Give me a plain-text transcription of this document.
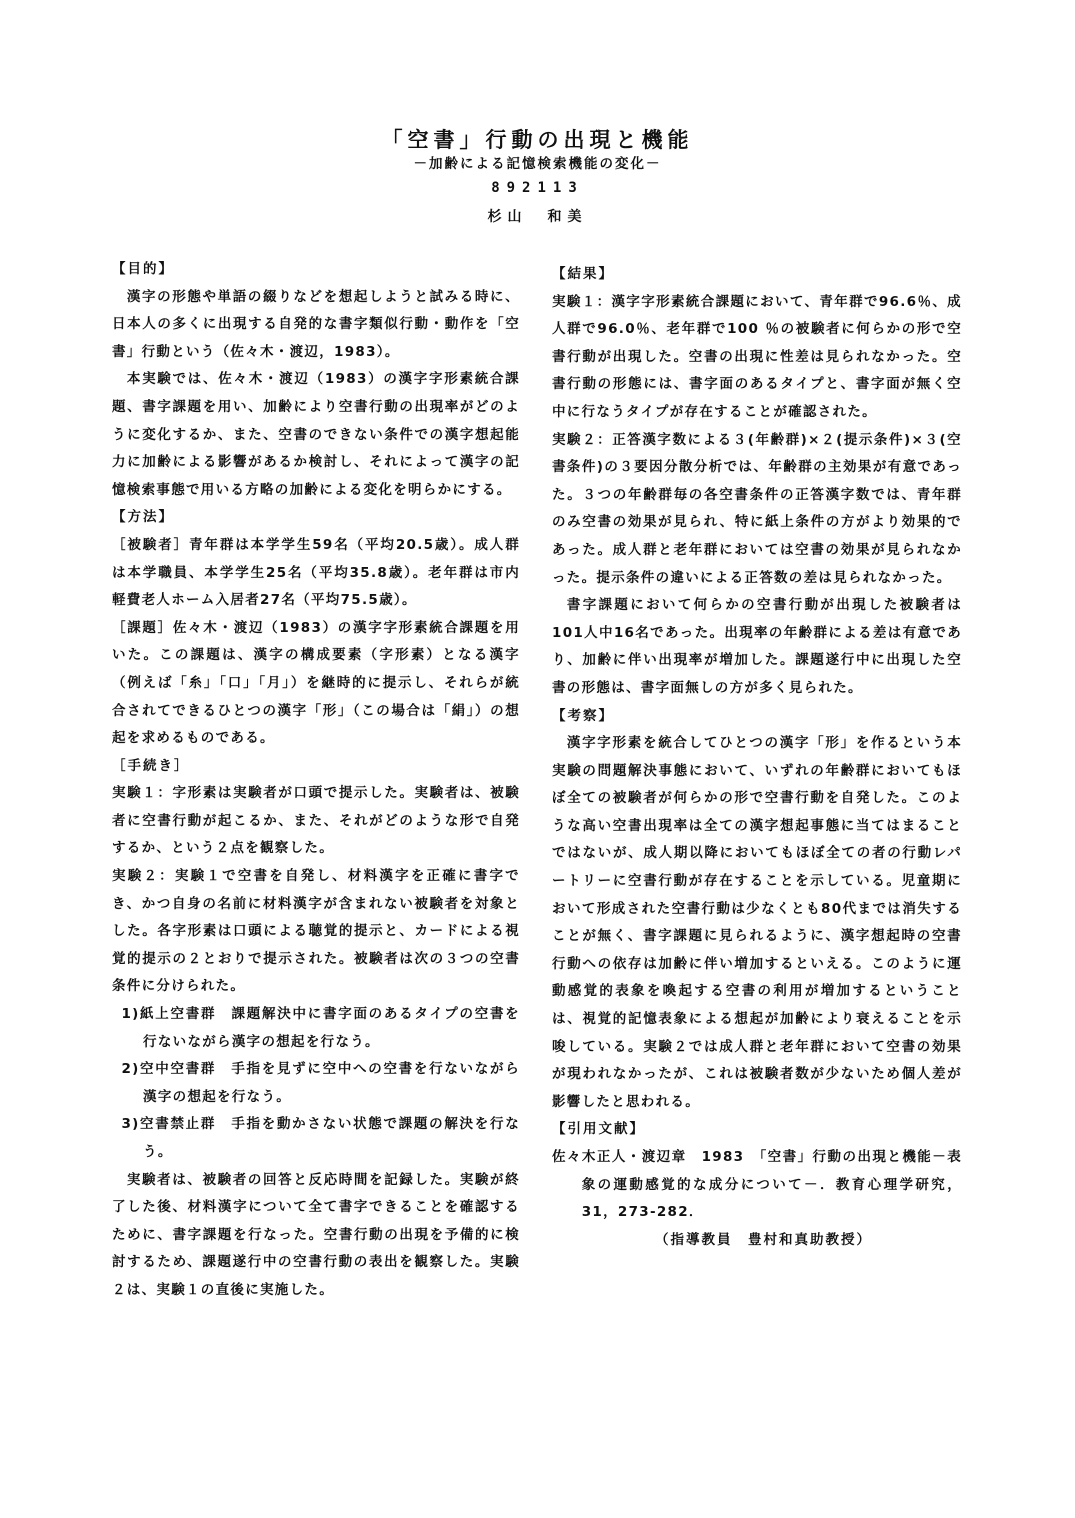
「空書」行動の出現と機能
－加齢による記憶検索機能の変化－
892113
杉山　和美
【目的】

漢字の形態や単語の綴りなどを想起しようと試みる時に、日本人の多くに出現する自発的な書字類似行動・動作を「空書」行動という（佐々木・渡辺，1983）。

本実験では、佐々木・渡辺（1983）の漢字字形素統合課題、書字課題を用い、加齢により空書行動の出現率がどのように変化するか、また、空書のできない条件での漢字想起能力に加齢による影響があるか検討し、それによって漢字の記憶検索事態で用いる方略の加齢による変化を明らかにする。

【方法】

［被験者］青年群は本学学生59名（平均20.5歳）。成人群は本学職員、本学学生25名（平均35.8歳）。老年群は市内軽費老人ホーム入居者27名（平均75.5歳）。

［課題］佐々木・渡辺（1983）の漢字字形素統合課題を用いた。この課題は、漢字の構成要素（字形素）となる漢字（例えば「糸」「口」「月」）を継時的に提示し、それらが統合されてできるひとつの漢字「形」（この場合は「絹」）の想起を求めるものである。

［手続き］

実験１：字形素は実験者が口頭で提示した。実験者は、被験者に空書行動が起こるか、また、それがどのような形で自発するか、という２点を観察した。

実験２：実験１で空書を自発し、材料漢字を正確に書字でき、かつ自身の名前に材料漢字が含まれない被験者を対象とした。各字形素は口頭による聴覚的提示と、カードによる視覚的提示の２とおりで提示された。被験者は次の３つの空書条件に分けられた。

1)紙上空書群　課題解決中に書字面のあるタイプの空書を行ないながら漢字の想起を行なう。

2)空中空書群　手指を見ずに空中への空書を行ないながら漢字の想起を行なう。

3)空書禁止群　手指を動かさない状態で課題の解決を行なう。

実験者は、被験者の回答と反応時間を記録した。実験が終了した後、材料漢字について全て書字できることを確認するために、書字課題を行なった。空書行動の出現を予備的に検討するため、課題遂行中の空書行動の表出を観察した。実験２は、実験１の直後に実施した。

【結果】

実験１：漢字字形素統合課題において、青年群で96.6％、成人群で96.0％、老年群で100 ％の被験者に何らかの形で空書行動が出現した。空書の出現に性差は見られなかった。空書行動の形態には、書字面のあるタイプと、書字面が無く空中に行なうタイプが存在することが確認された。

実験２：正答漢字数による３(年齢群)×２(提示条件)×３(空書条件)の３要因分散分析では、年齢群の主効果が有意であった。３つの年齢群毎の各空書条件の正答漢字数では、青年群のみ空書の効果が見られ、特に紙上条件の方がより効果的であった。成人群と老年群においては空書の効果が見られなかった。提示条件の違いによる正答数の差は見られなかった。

書字課題において何らかの空書行動が出現した被験者は 101人中16名であった。出現率の年齢群による差は有意であり、加齢に伴い出現率が増加した。課題遂行中に出現した空書の形態は、書字面無しの方が多く見られた。

【考察】

漢字字形素を統合してひとつの漢字「形」を作るという本実験の問題解決事態において、いずれの年齢群においてもほぼ全ての被験者が何らかの形で空書行動を自発した。このような高い空書出現率は全ての漢字想起事態に当てはまることではないが、成人期以降においてもほぼ全ての者の行動レパートリーに空書行動が存在することを示している。児童期において形成された空書行動は少なくとも80代までは消失することが無く、書字課題に見られるように、漢字想起時の空書行動への依存は加齢に伴い増加するといえる。このように運動感覚的表象を喚起する空書の利用が増加するということは、視覚的記憶表象による想起が加齢により衰えることを示唆している。実験２では成人群と老年群において空書の効果が現われなかったが、これは被験者数が少ないため個人差が影響したと思われる。

【引用文献】

佐々木正人・渡辺章　1983　「空書」行動の出現と機能－表象の運動感覚的な成分について－．教育心理学研究，31，273-282．

（指導教員　豊村和真助教授）
